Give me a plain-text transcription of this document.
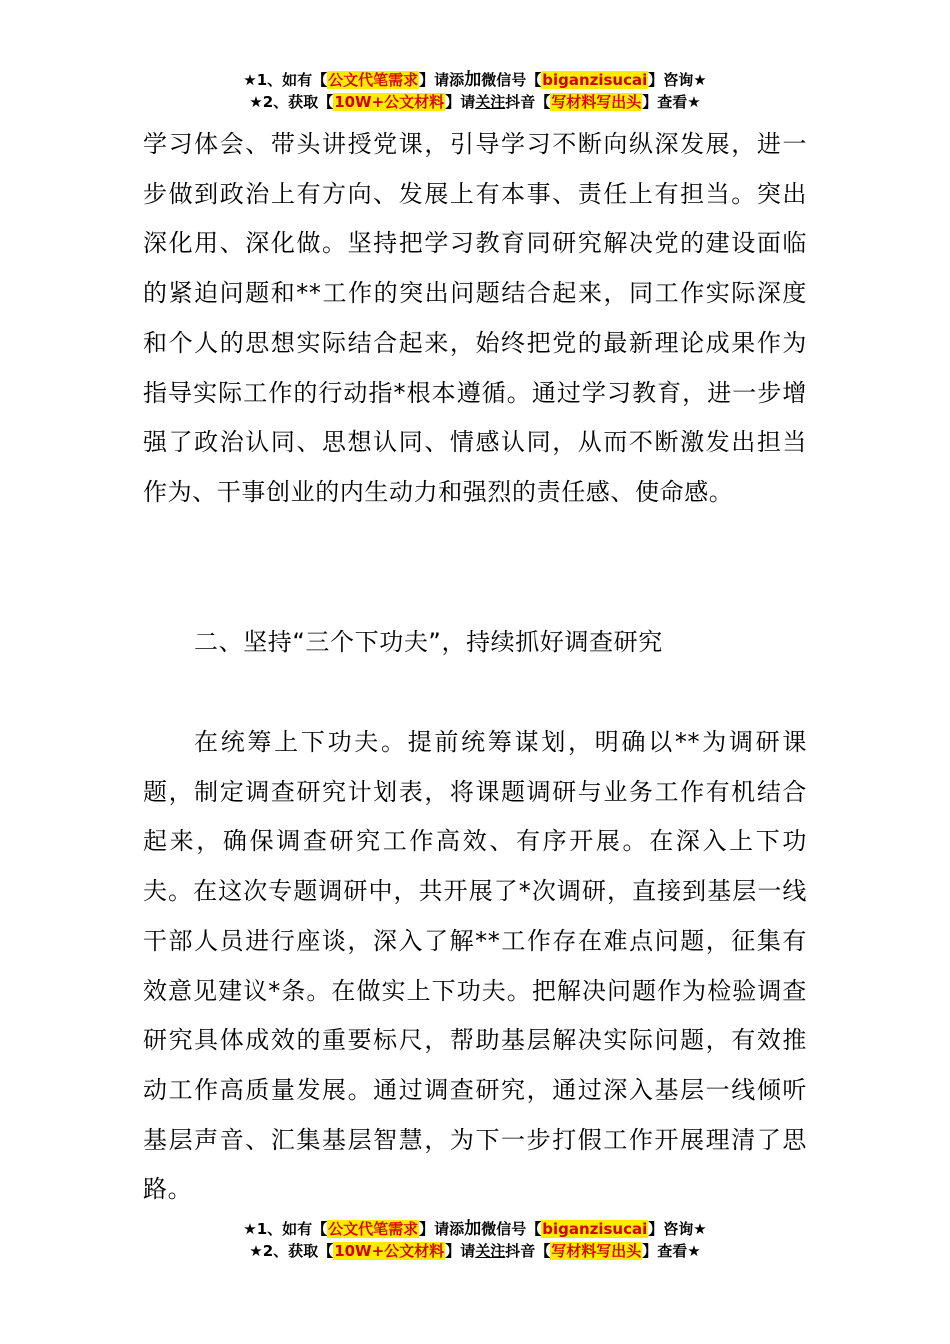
★1、如有【公文代笔需求】请添加微信号【biganzisucai】咨询★
★2、获取【10W+公文材料】请关注抖音【写材料写出头】查看★

学习体会、带头讲授党课，引导学习不断向纵深发展，进一步做到政治上有方向、发展上有本事、责任上有担当。突出深化用、深化做。坚持把学习教育同研究解决党的建设面临的紧迫问题和**工作的突出问题结合起来，同工作实际深度和个人的思想实际结合起来，始终把党的最新理论成果作为指导实际工作的行动指*根本遵循。通过学习教育，进一步增强了政治认同、思想认同、情感认同，从而不断激发出担当作为、干事创业的内生动力和强烈的责任感、使命感。

二、坚持“三个下功夫”，持续抓好调查研究

在统筹上下功夫。提前统筹谋划，明确以**为调研课题，制定调查研究计划表，将课题调研与业务工作有机结合起来，确保调查研究工作高效、有序开展。在深入上下功夫。在这次专题调研中，共开展了*次调研，直接到基层一线干部人员进行座谈，深入了解**工作存在难点问题，征集有效意见建议*条。在做实上下功夫。把解决问题作为检验调查研究具体成效的重要标尺，帮助基层解决实际问题，有效推动工作高质量发展。通过调查研究，通过深入基层一线倾听基层声音、汇集基层智慧，为下一步打假工作开展理清了思路。

★1、如有【公文代笔需求】请添加微信号【biganzisucai】咨询★
★2、获取【10W+公文材料】请关注抖音【写材料写出头】查看★
